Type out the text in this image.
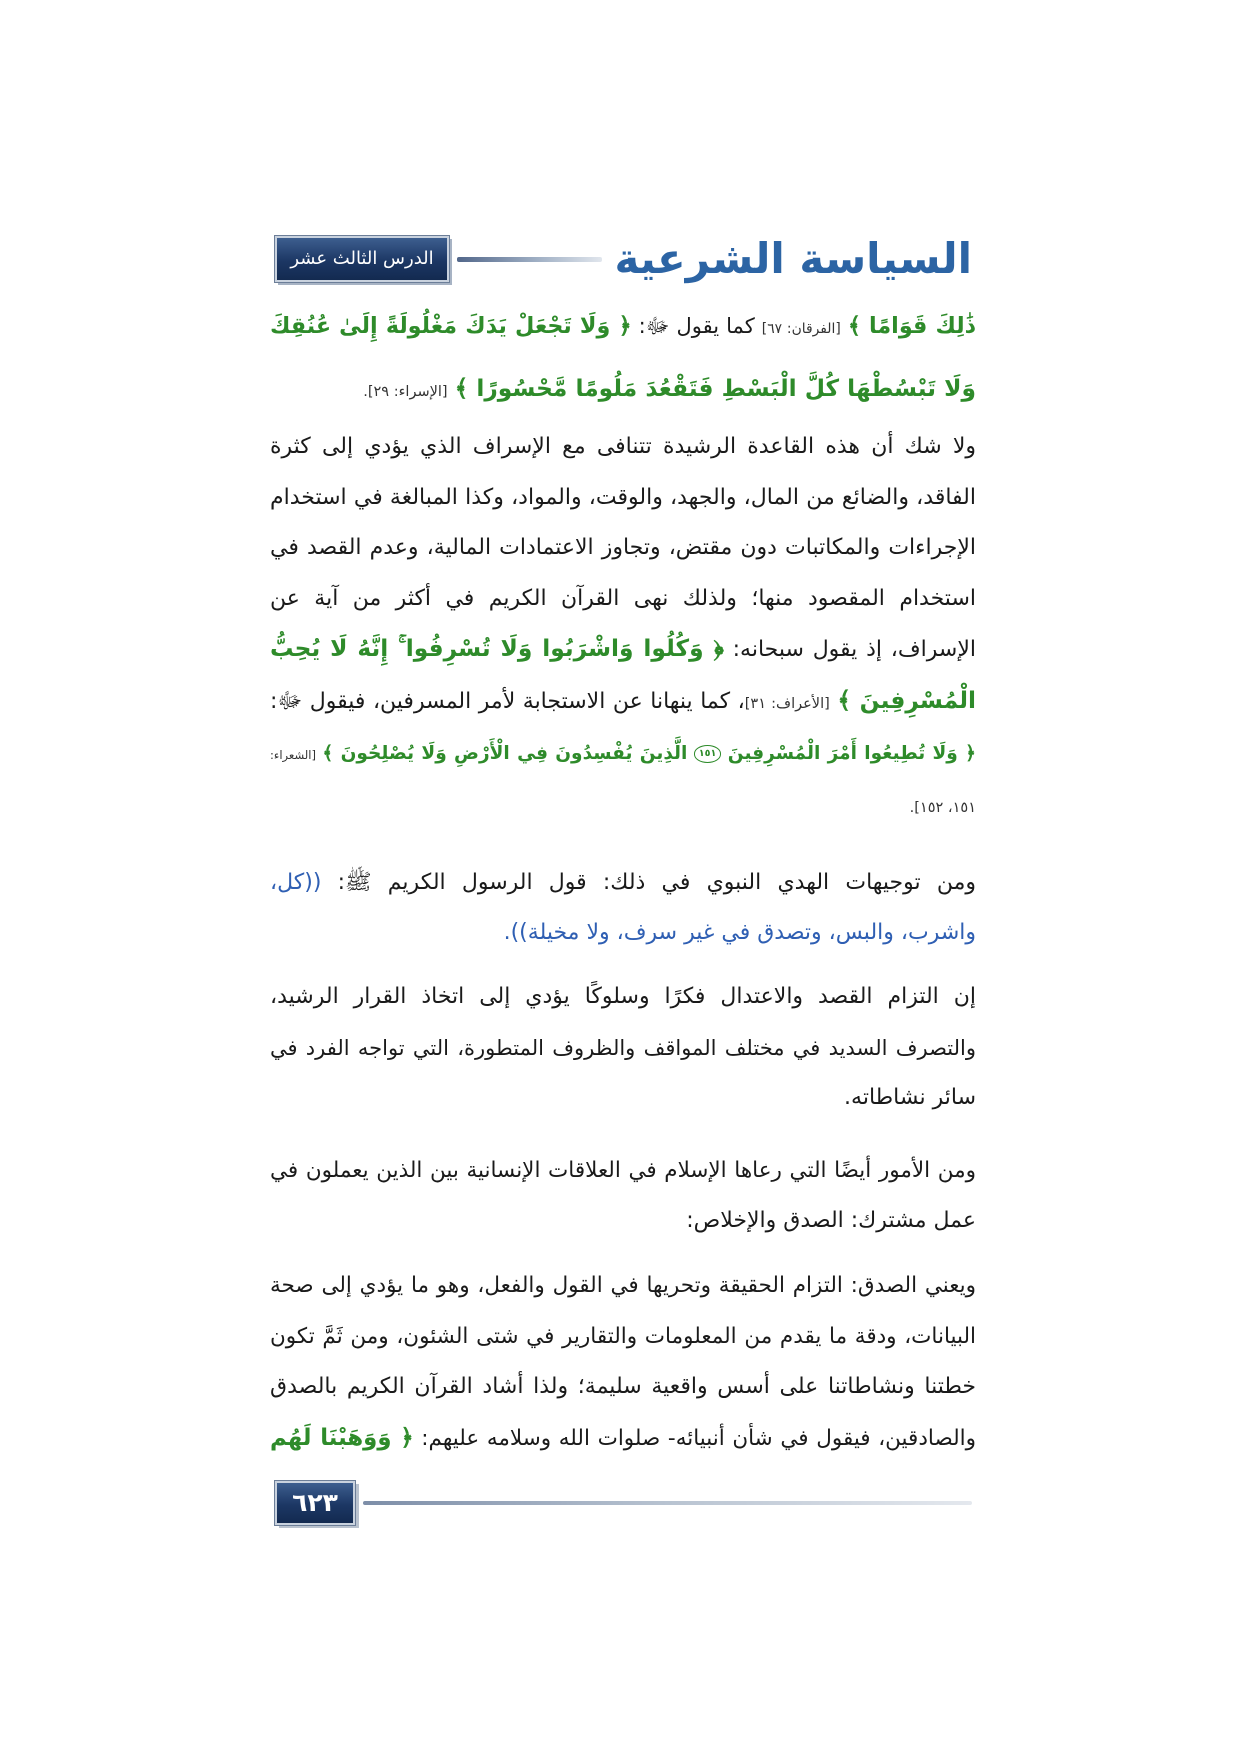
الدرس الثالث عشر	السياسة الشرعية
ذَٰلِكَ قَوَامًا ﴾ [الفرقان: ٦٧] كما يقول ﷻ: ﴿ وَلَا تَجْعَلْ يَدَكَ مَغْلُولَةً إِلَىٰ عُنُقِكَ
وَلَا تَبْسُطْهَا كُلَّ الْبَسْطِ فَتَقْعُدَ مَلُومًا مَّحْسُورًا ﴾ [الإسراء: ٢٩].
ولا شك أن هذه القاعدة الرشيدة تتنافى مع الإسراف الذي يؤدي إلى كثرة
الفاقد، والضائع من المال، والجهد، والوقت، والمواد، وكذا المبالغة في استخدام
الإجراءات والمكاتبات دون مقتض، وتجاوز الاعتمادات المالية، وعدم القصد في
استخدام المقصود منها؛ ولذلك نهى القرآن الكريم في أكثر من آية عن
الإسراف، إذ يقول سبحانه: ﴿ وَكُلُوا وَاشْرَبُوا وَلَا تُسْرِفُوا ۚ إِنَّهُ لَا يُحِبُّ
الْمُسْرِفِينَ ﴾ [الأعراف: ٣١]، كما ينهانا عن الاستجابة لأمر المسرفين، فيقول ﷻ:
﴿ وَلَا تُطِيعُوا أَمْرَ الْمُسْرِفِينَ ١٥١ الَّذِينَ يُفْسِدُونَ فِي الْأَرْضِ وَلَا يُصْلِحُونَ ﴾ [الشعراء:
١٥١، ١٥٢].
ومن توجيهات الهدي النبوي في ذلك: قول الرسول الكريم ﷺ: ((كل،
واشرب، والبس، وتصدق في غير سرف، ولا مخيلة)).
إن التزام القصد والاعتدال فكرًا وسلوكًا يؤدي إلى اتخاذ القرار الرشيد،
والتصرف السديد في مختلف المواقف والظروف المتطورة، التي تواجه الفرد في
سائر نشاطاته.
ومن الأمور أيضًا التي رعاها الإسلام في العلاقات الإنسانية بين الذين يعملون في
عمل مشترك: الصدق والإخلاص:
ويعني الصدق: التزام الحقيقة وتحريها في القول والفعل، وهو ما يؤدي إلى صحة
البيانات، ودقة ما يقدم من المعلومات والتقارير في شتى الشئون، ومن ثَمَّ تكون
خطتنا ونشاطاتنا على أسس واقعية سليمة؛ ولذا أشاد القرآن الكريم بالصدق
والصادقين، فيقول في شأن أنبيائه- صلوات الله وسلامه عليهم: ﴿ وَوَهَبْنَا لَهُم
٦٢٣
